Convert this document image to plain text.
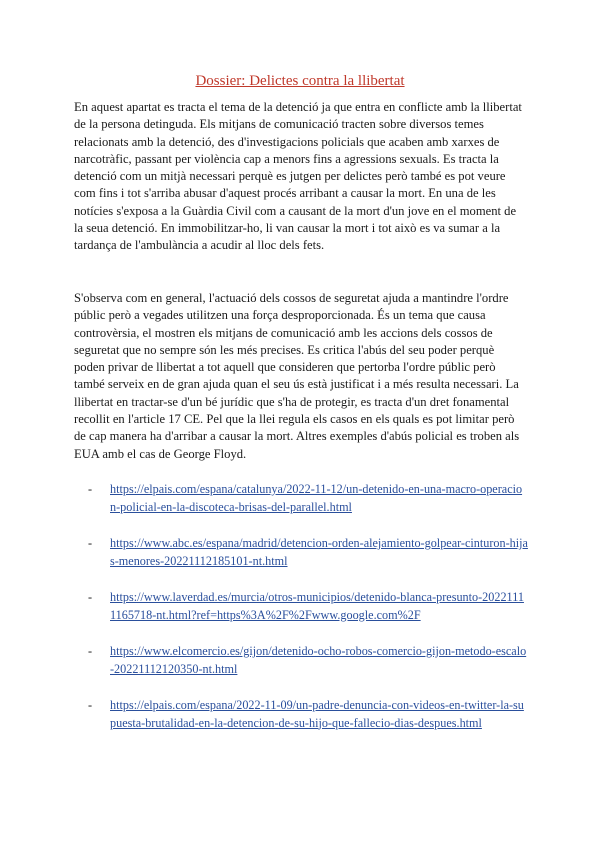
Dossier: Delictes contra la llibertat

En aquest apartat es tracta el tema de la detenció ja que entra en conflicte amb la llibertat de la persona detinguda. Els mitjans de comunicació tracten sobre diversos temes relacionats amb la detenció, des d'investigacions policials que acaben amb xarxes de narcotràfic, passant per violència cap a menors fins a agressions sexuals. Es tracta la detenció com un mitjà necessari perquè es jutgen per delictes però també es pot veure com fins i tot s'arriba abusar d'aquest procés arribant a causar la mort. En una de les notícies s'exposa a la Guàrdia Civil com a causant de la mort d'un jove en el moment de la seua detenció. En immobilitzar-ho, li van causar la mort i tot això es va sumar a la tardança de l'ambulància a acudir al lloc dels fets.

S'observa com en general, l'actuació dels cossos de seguretat ajuda a mantindre l'ordre públic però a vegades utilitzen una força desproporcionada. És un tema que causa controvèrsia, el mostren els mitjans de comunicació amb les accions dels cossos de seguretat que no sempre són les més precises. Es critica l'abús del seu poder perquè poden privar de llibertat a tot aquell que consideren que pertorba l'ordre públic però també serveix en de gran ajuda quan el seu ús està justificat i a més resulta necessari. La llibertat en tractar-se d'un bé jurídic que s'ha de protegir, es tracta d'un dret fonamental recollit en l'article 17 CE. Pel que la llei regula els casos en els quals es pot limitar però de cap manera ha d'arribar a causar la mort. Altres exemples d'abús policial es troben als EUA amb el cas de George Floyd.

- https://elpais.com/espana/catalunya/2022-11-12/un-detenido-en-una-macro-operacion-policial-en-la-discoteca-brisas-del-parallel.html
- https://www.abc.es/espana/madrid/detencion-orden-alejamiento-golpear-cinturon-hijas-menores-20221112185101-nt.html
- https://www.laverdad.es/murcia/otros-municipios/detenido-blanca-presunto-20221111165718-nt.html?ref=https%3A%2F%2Fwww.google.com%2F
- https://www.elcomercio.es/gijon/detenido-ocho-robos-comercio-gijon-metodo-escalo-20221112120350-nt.html
- https://elpais.com/espana/2022-11-09/un-padre-denuncia-con-videos-en-twitter-la-supuesta-brutalidad-en-la-detencion-de-su-hijo-que-fallecio-dias-despues.html
